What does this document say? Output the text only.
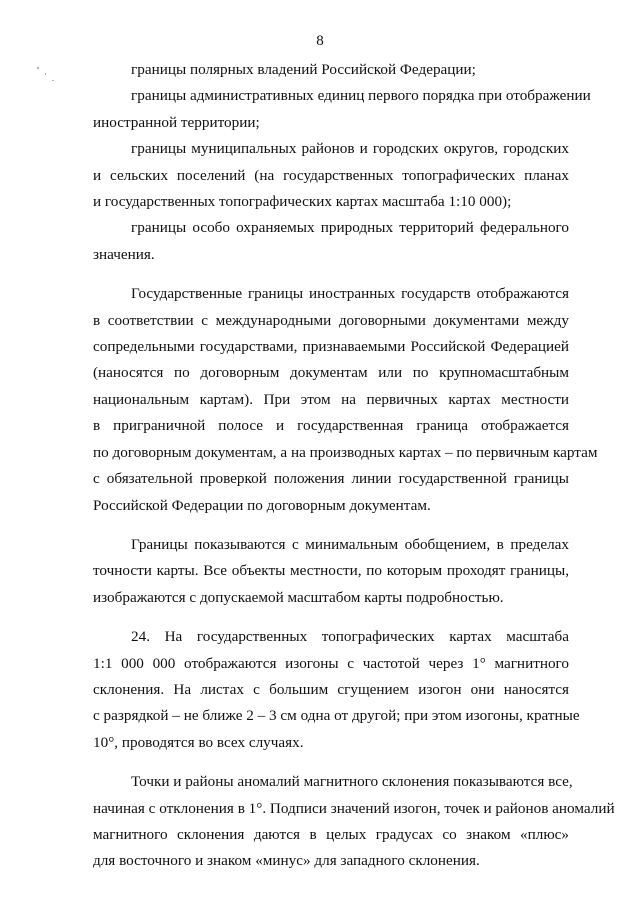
8

границы полярных владений Российской Федерации;

границы административных единиц первого порядка при отображении
иностранной территории;

границы муниципальных районов и городских округов, городских
и сельских поселений (на государственных топографических планах
и государственных топографических картах масштаба 1:10 000);

границы особо охраняемых природных территорий федерального
значения.

Государственные границы иностранных государств отображаются
в соответствии с международными договорными документами между
сопредельными государствами, признаваемыми Российской Федерацией
(наносятся по договорным документам или по крупномасштабным
национальным картам). При этом на первичных картах местности
в приграничной полосе и государственная граница отображается
по договорным документам, а на производных картах – по первичным картам
с обязательной проверкой положения линии государственной границы
Российской Федерации по договорным документам.

Границы показываются с минимальным обобщением, в пределах
точности карты. Все объекты местности, по которым проходят границы,
изображаются с допускаемой масштабом карты подробностью.

24. На государственных топографических картах масштаба
1:1 000 000 отображаются изогоны с частотой через 1° магнитного
склонения. На листах с большим сгущением изогон они наносятся
с разрядкой – не ближе 2 – 3 см одна от другой; при этом изогоны, кратные
10°, проводятся во всех случаях.

Точки и районы аномалий магнитного склонения показываются все,
начиная с отклонения в 1°. Подписи значений изогон, точек и районов аномалий
магнитного склонения даются в целых градусах со знаком «плюс»
для восточного и знаком «минус» для западного склонения.
